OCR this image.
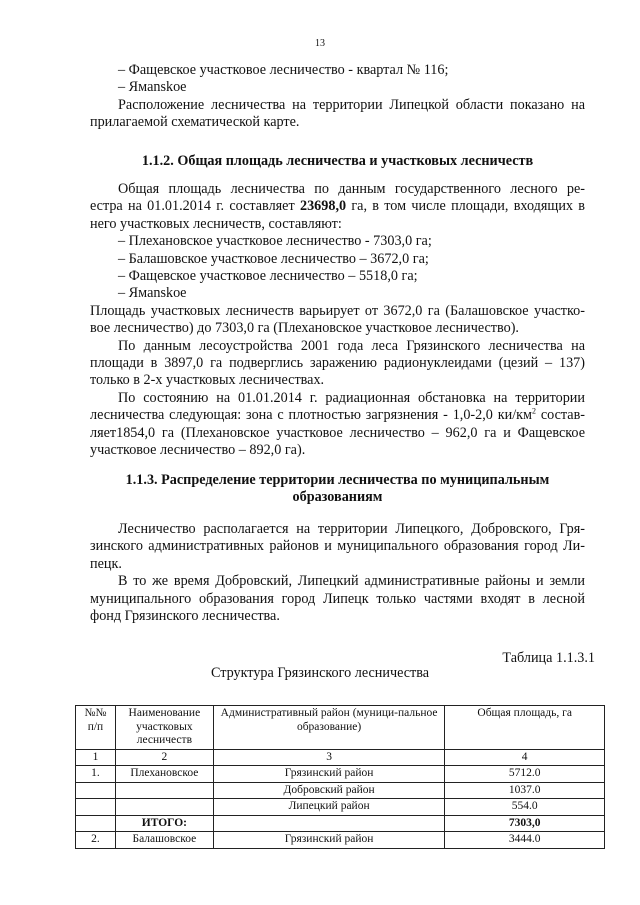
13

– Фащевское участковое лесничество - квартал № 116;

– Ямanskoe

Расположение лесничества на территории Липецкой области показано на

прилагаемой схематической карте.

1.1.2. Общая площадь лесничества и участковых лесничеств

Общая площадь лесничества по данным государственного лесного ре-

естра на 01.01.2014 г. составляет 23698,0 га, в том числе площади, входящих в

него участковых лесничеств, составляют:

– Плехановское участковое лесничество - 7303,0 га;

– Балашовское участковое лесничество – 3672,0 га;

– Фащевское участковое лесничество – 5518,0 га;

– Ямanskoe

Площадь участковых лесничеств варьирует от 3672,0 га (Балашовское участко-

вое лесничество) до 7303,0 га (Плехановское участковое лесничество).

По данным лесоустройства 2001 года леса Грязинского лесничества на

площади в 3897,0 га подверглись заражению радионуклеидами (цезий – 137)

только в 2-х участковых лесничествах.

По состоянию на 01.01.2014 г. радиационная обстановка на территории

лесничества следующая: зона с плотностью загрязнения - 1,0-2,0 $ки/км^2$ состав-

ляет1854,0 га (Плехановское участковое лесничество – 962,0 га и Фащевское

участковое лесничество – 892,0 га).

1.1.3. Распределение территории лесничества по муниципальным
образованиям

Лесничество располагается на территории Липецкого, Добровского, Гря-

зинского административных районов и муниципального образования город Ли-

пецк.

В то же время Добровский, Липецкий административные районы и земли

муниципального образования город Липецк только частями входят в лесной

фонд Грязинского лесничества.

Таблица 1.1.3.1
Структура Грязинского лесничества
№№ п/п	Наименование участковых лесничеств	Административный район (муници-пальное образование)	Общая площадь, га
1	2	3	4
1.	Плехановское	Грязинский район	5712.0
		Добровский район	1037.0
		Липецкий район	554.0
	ИТОГО:		7303,0
2.	Балашовское	Грязинский район	3444.0
